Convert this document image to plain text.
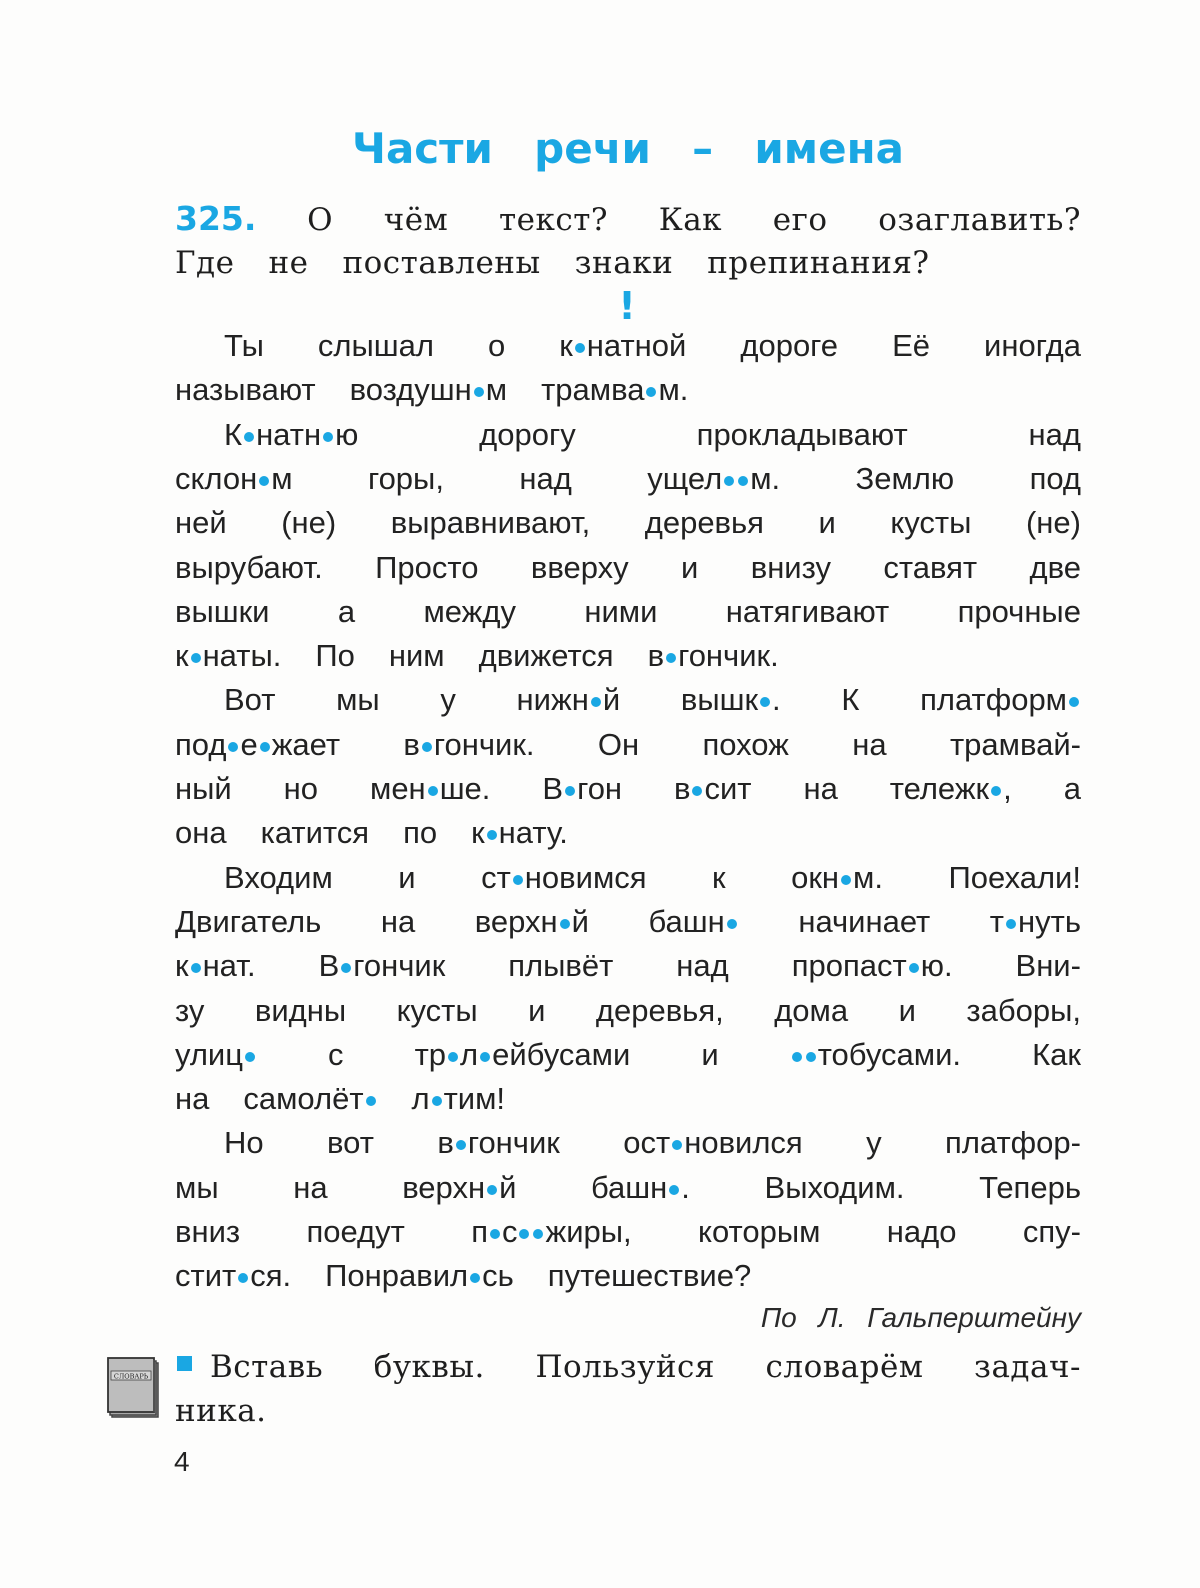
Части речи – имена
325. О чём текст? Как его озаглавить?
Где не поставлены знаки препинания?
!
Ты слышал о к натной дороге Её иногда
называют воздушн м трамва м.
К натн ю	дорогу	прокладывают	над
склон м горы, над ущел м. Землю под
ней (не) выравнивают, деревья и кусты (не)
вырубают. Просто вверху и внизу ставят две
вышки а между ними натягивают прочные
к наты. По ним движется в гончик.
Вот мы у нижн й вышк . К платформ
под е жает в гончик. Он похож на трамвай-
ный но мен ше. В гон в сит на тележк , а
она катится по к нату.
Входим и ст новимся к окн м. Поехали!
Двигатель на верхн й башн	начинает т нуть
к нат. В гончик плывёт над пропаст ю. Вни-
зу видны кусты и деревья, дома и заборы,
улиц	с тр л ейбусами и	тобусами. Как
на самолёт	л тим!
Но вот в гончик ост новился у платфор-
мы на верхн й башн . Выходим. Теперь
вниз поедут п с жиры, которым надо спу-
стит ся. Понравил сь путешествие?
По Л. Гальперштейну
СЛОВАРЬ Вставь буквы. Пользуйся словарём задач-
ника.
4
